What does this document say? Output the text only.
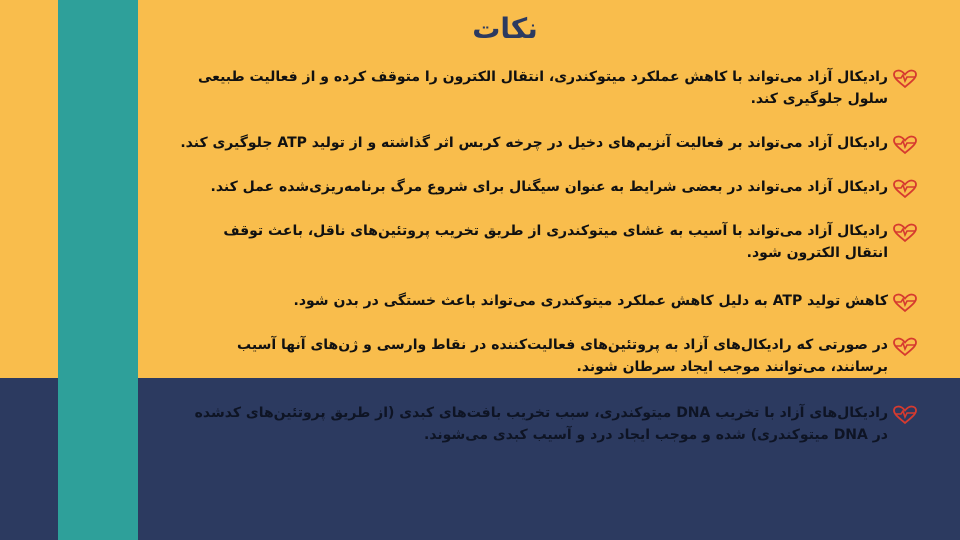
نکات
رادیکال آزاد می‌تواند با کاهش عملکرد میتوکندری، انتقال الکترون را متوقف کرده و از فعالیت طبیعی سلول جلوگیری کند.
رادیکال آزاد می‌تواند بر فعالیت آنزیم‌های دخیل در چرخه کربس اثر گذاشته و از تولید ATP جلوگیری کند.
رادیکال آزاد می‌تواند در بعضی شرایط به عنوان سیگنال برای شروع مرگ برنامه‌ریزی‌شده عمل کند.
رادیکال آزاد می‌تواند با آسیب به غشای میتوکندری از طریق تخریب پروتئین‌های ناقل، باعث توقف انتقال الکترون شود.
کاهش تولید ATP به دلیل کاهش عملکرد میتوکندری می‌تواند باعث خستگی در بدن شود.
در صورتی که رادیکال‌های آزاد به پروتئین‌های فعالیت‌کننده در نقاط وارسی و ژن‌های آنها آسیب برسانند، می‌توانند موجب ایجاد سرطان شوند.
رادیکال‌های آزاد با تخریب DNA میتوکندری، سبب تخریب بافت‌های کبدی (از طریق پروتئین‌های کدشده در DNA میتوکندری) شده و موجب ایجاد درد و آسیب کبدی می‌شوند.
